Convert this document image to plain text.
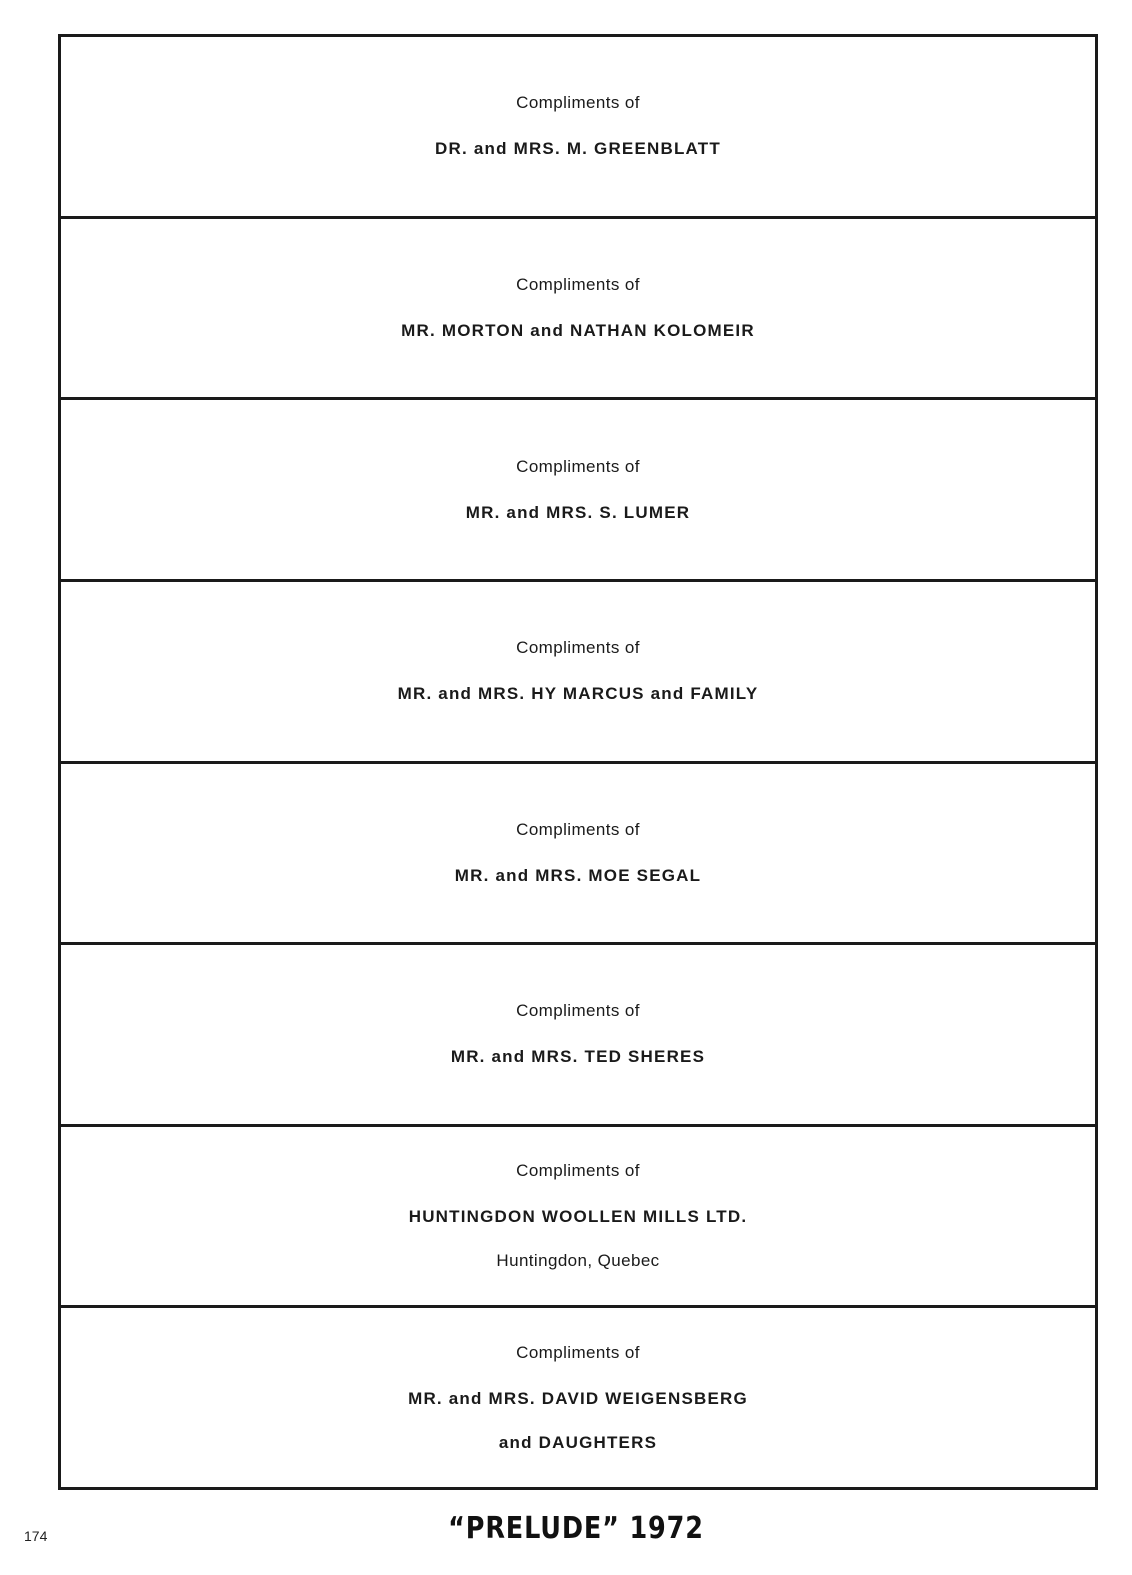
Compliments of

DR. and MRS. M. GREENBLATT

Compliments of

MR. MORTON and NATHAN KOLOMEIR

Compliments of

MR. and MRS. S. LUMER

Compliments of

MR. and MRS. HY MARCUS and FAMILY

Compliments of

MR. and MRS. MOE SEGAL

Compliments of

MR. and MRS. TED SHERES

Compliments of

HUNTINGDON WOOLLEN MILLS LTD.

Huntingdon, Quebec

Compliments of

MR. and MRS. DAVID WEIGENSBERG

and DAUGHTERS

174	“PRELUDE” 1972
